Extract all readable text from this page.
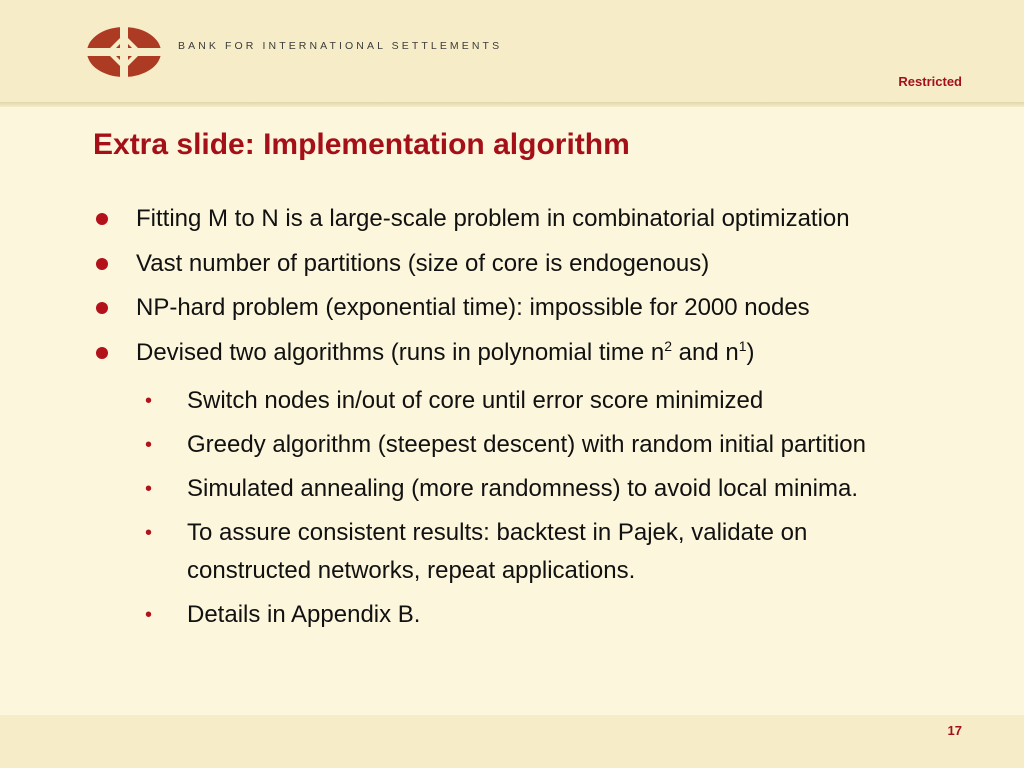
BANK FOR INTERNATIONAL SETTLEMENTS
Restricted
Extra slide: Implementation algorithm
Fitting M to N is a large-scale problem in combinatorial optimization
Vast number of partitions (size of core is endogenous)
NP-hard problem (exponential time): impossible for 2000 nodes
Devised two algorithms (runs in polynomial time $n^2$ and $n^1$)
• Switch nodes in/out of core until error score minimized
• Greedy algorithm (steepest descent) with random initial partition
• Simulated annealing (more randomness) to avoid local minima.
• To assure consistent results: backtest in Pajek, validate on
constructed networks, repeat applications.
• Details in Appendix B.
17
